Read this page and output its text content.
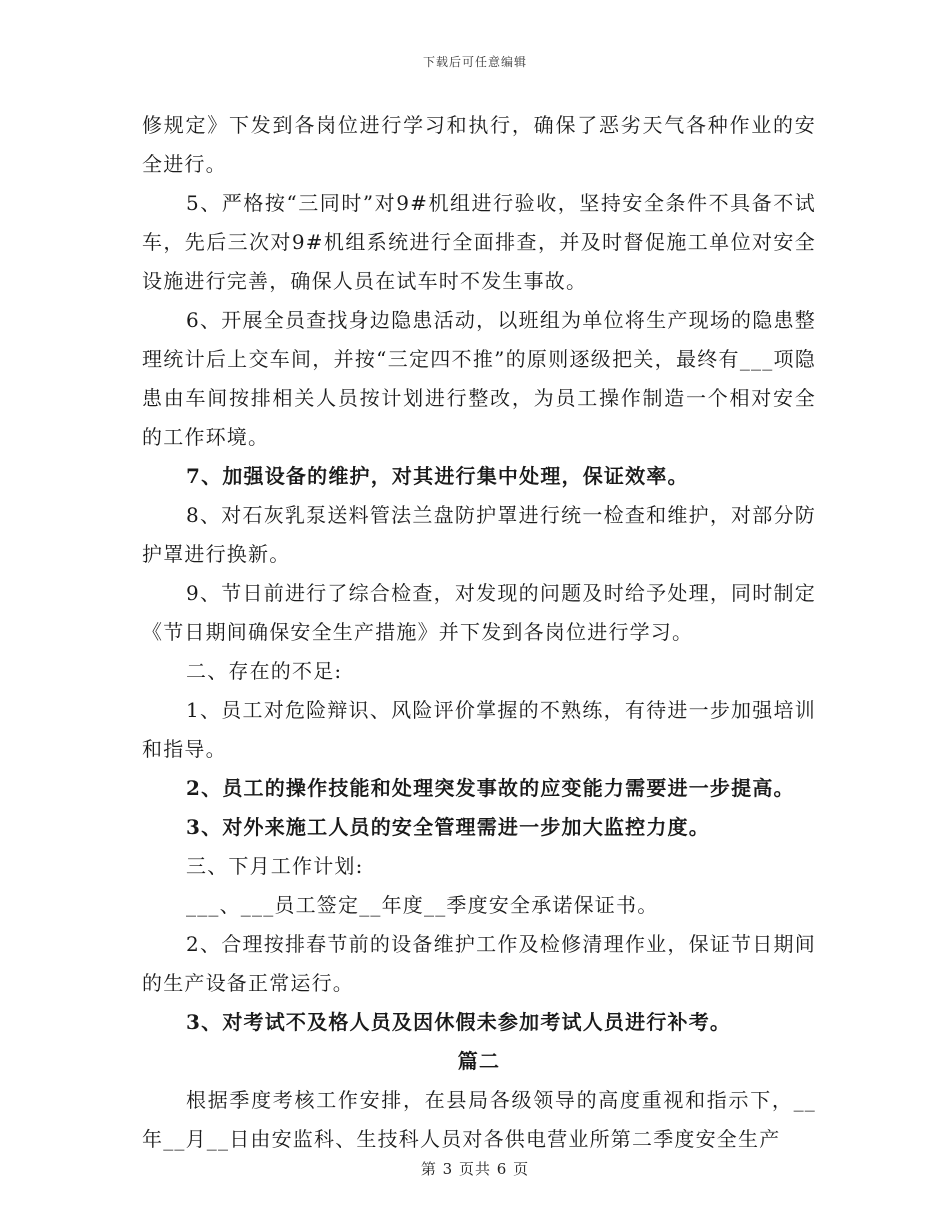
下载后可任意编辑

修规定》下发到各岗位进行学习和执行，确保了恶劣天气各种作业的安全进行。

5、严格按“三同时”对9#机组进行验收，坚持安全条件不具备不试车，先后三次对9#机组系统进行全面排查，并及时督促施工单位对安全设施进行完善，确保人员在试车时不发生事故。

6、开展全员查找身边隐患活动，以班组为单位将生产现场的隐患整理统计后上交车间，并按“三定四不推”的原则逐级把关，最终有___项隐患由车间按排相关人员按计划进行整改，为员工操作制造一个相对安全的工作环境。

7、加强设备的维护，对其进行集中处理，保证效率。

8、对石灰乳泵送料管法兰盘防护罩进行统一检查和维护，对部分防护罩进行换新。

9、节日前进行了综合检查，对发现的问题及时给予处理，同时制定《节日期间确保安全生产措施》并下发到各岗位进行学习。

二、存在的不足:

1、员工对危险辩识、风险评价掌握的不熟练，有待进一步加强培训和指导。

2、员工的操作技能和处理突发事故的应变能力需要进一步提高。

3、对外来施工人员的安全管理需进一步加大监控力度。

三、下月工作计划:

___、___员工签定__年度__季度安全承诺保证书。

2、合理按排春节前的设备维护工作及检修清理作业，保证节日期间的生产设备正常运行。

3、对考试不及格人员及因休假未参加考试人员进行补考。

篇二

根据季度考核工作安排，在县局各级领导的高度重视和指示下，__年__月__日由安监科、生技科人员对各供电营业所第二季度安全生产

第 3 页共 6 页
